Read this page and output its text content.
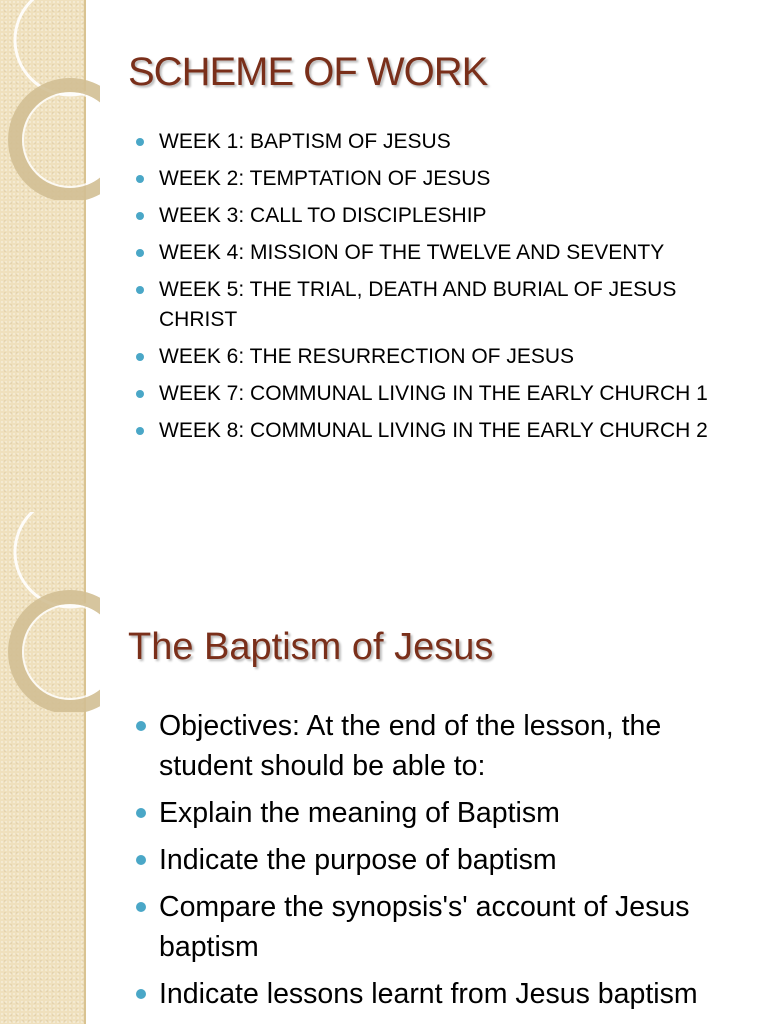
SCHEME OF WORK
WEEK 1: BAPTISM OF JESUS
WEEK 2: TEMPTATION OF JESUS
WEEK 3: CALL TO DISCIPLESHIP
WEEK 4: MISSION OF THE TWELVE AND SEVENTY
WEEK 5: THE TRIAL, DEATH AND BURIAL OF JESUS CHRIST
WEEK 6: THE RESURRECTION OF JESUS
WEEK 7: COMMUNAL LIVING IN THE EARLY CHURCH 1
WEEK 8: COMMUNAL LIVING IN THE EARLY CHURCH 2
The Baptism of Jesus
Objectives: At the end of the lesson, the student should be able to:
Explain the meaning of Baptism
Indicate the purpose of baptism
Compare the synopsis's' account of Jesus baptism
Indicate lessons learnt from Jesus baptism
